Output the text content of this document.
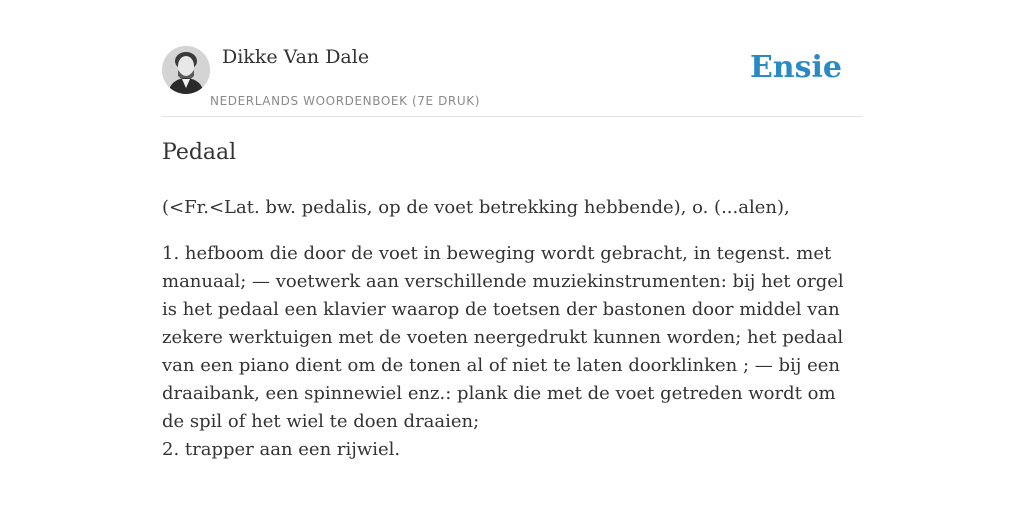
Dikke Van Dale
NEDERLANDS WOORDENBOEK (7E DRUK)
Ensie
Pedaal
(<Fr.<Lat. bw. pedalis, op de voet betrekking hebbende), o. (...alen),

1. hefboom die door de voet in beweging wordt gebracht, in tegenst. met manuaal; — voetwerk aan verschillende muziekinstrumenten: bij het orgel is het pedaal een klavier waarop de toetsen der bastonen door middel van zekere werktuigen met de voeten neergedrukt kunnen worden; het pedaal van een piano dient om de tonen al of niet te laten doorklinken ; — bij een draaibank, een spinnewiel enz.: plank die met de voet getreden wordt om de spil of het wiel te doen draaien;

2. trapper aan een rijwiel.
